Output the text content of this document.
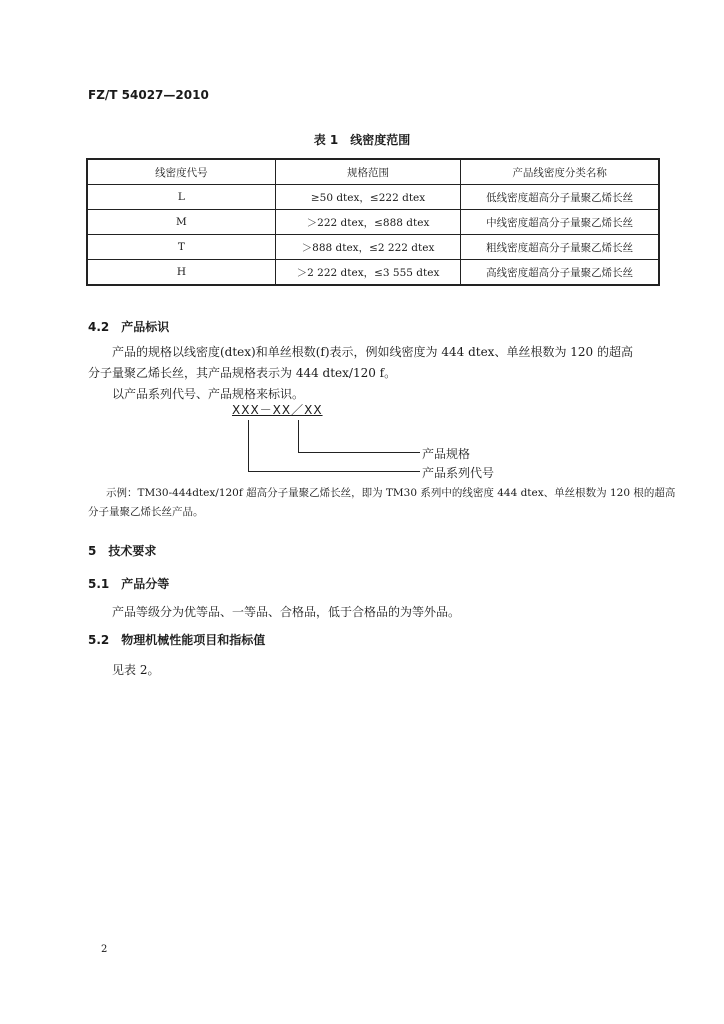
FZ/T 54027—2010
表 1　线密度范围
线密度代号	规格范围	产品线密度分类名称
L	≥50 dtex，≤222 dtex	低线密度超高分子量聚乙烯长丝
M	＞222 dtex，≤888 dtex	中线密度超高分子量聚乙烯长丝
T	＞888 dtex，≤2 222 dtex	粗线密度超高分子量聚乙烯长丝
H	＞2 222 dtex，≤3 555 dtex	高线密度超高分子量聚乙烯长丝
4.2　产品标识
产品的规格以线密度(dtex)和单丝根数(f)表示，例如线密度为 444 dtex、单丝根数为 120 的超高
分子量聚乙烯长丝，其产品规格表示为 444 dtex/120 f。
以产品系列代号、产品规格来标识。
XXX－XX／XX
产品规格
产品系列代号
示例：TM30-444dtex/120f 超高分子量聚乙烯长丝，即为 TM30 系列中的线密度 444 dtex、单丝根数为 120 根的超高
分子量聚乙烯长丝产品。
5　技术要求
5.1　产品分等
产品等级分为优等品、一等品、合格品，低于合格品的为等外品。
5.2　物理机械性能项目和指标值
见表 2。
2
